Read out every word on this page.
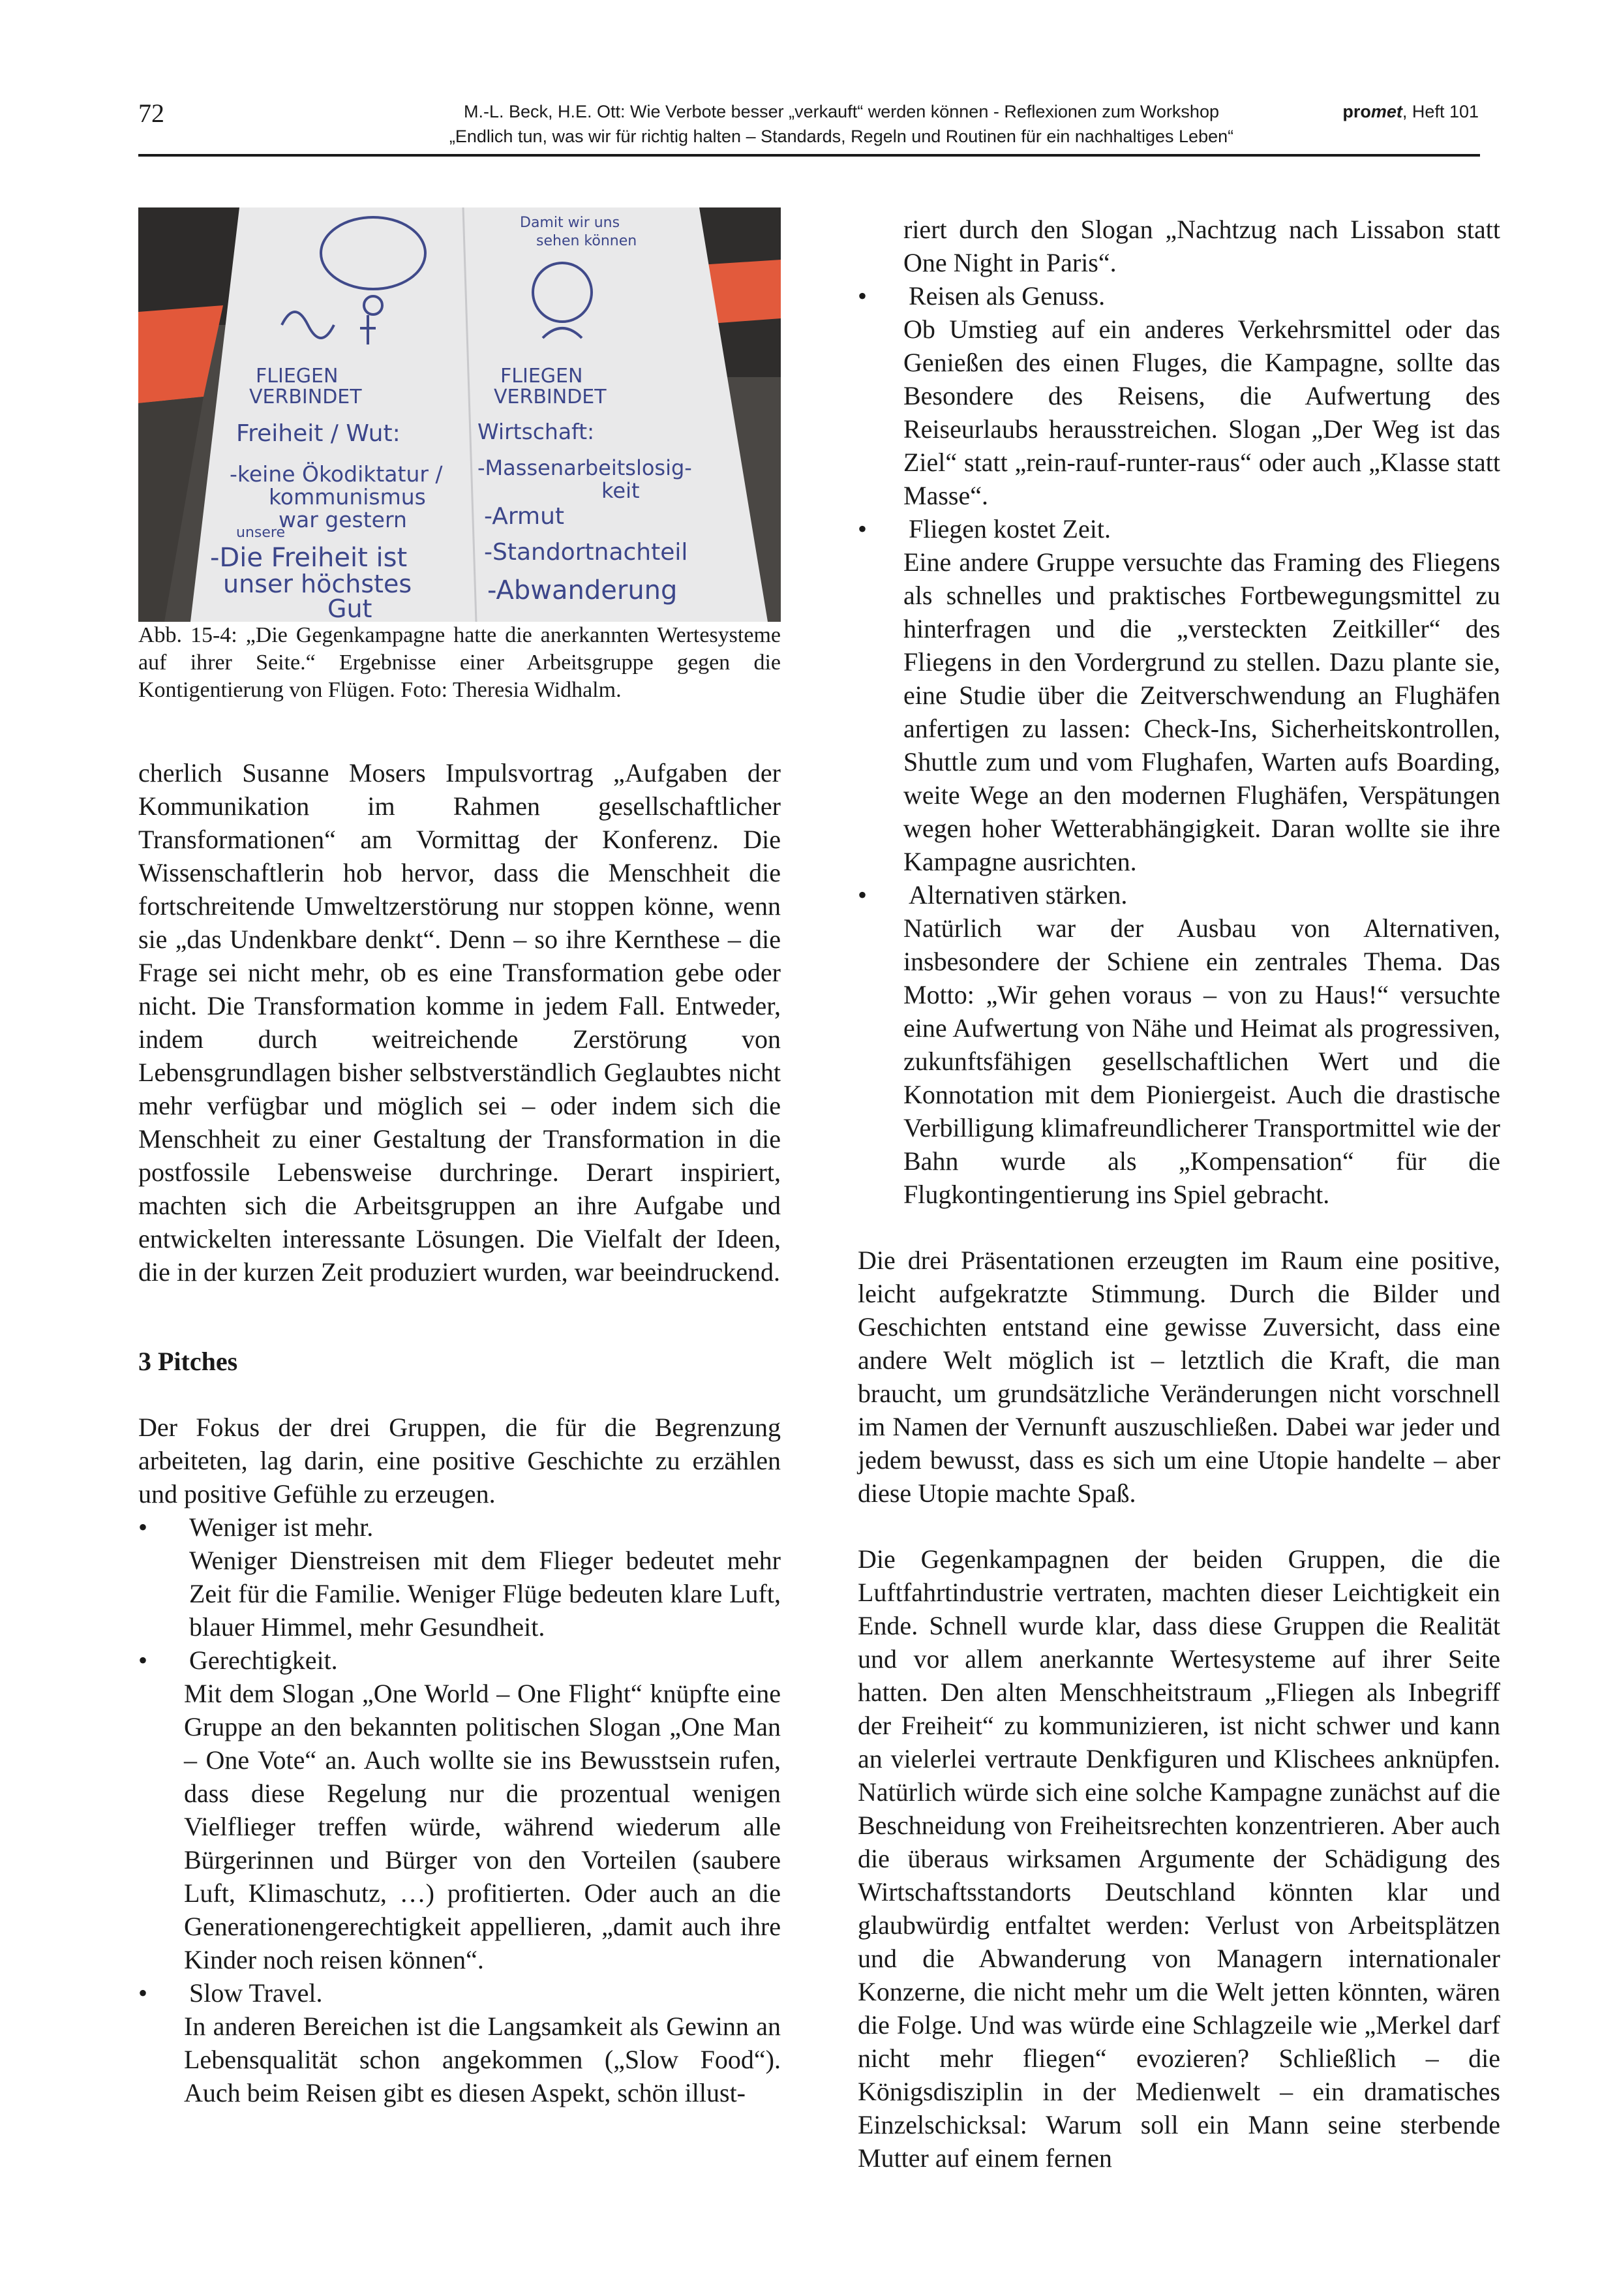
72	M.-L. Beck, H.E. Ott: Wie Verbote besser „verkauft“ werden können - Reflexionen zum Workshop
„Endlich tun, was wir für richtig halten – Standards, Regeln und Routinen für ein nachhaltiges Leben“
promet, Heft 101
FLIEGEN
VERBINDET
Freiheit / Wut:
-keine Ökodiktatur /
kommunismus
war gestern
unsere
-Die Freiheit ist
unser höchstes
Gut
Damit wir uns
sehen können
FLIEGEN
VERBINDET
Wirtschaft:
-Massenarbeitslosig-
keit
-Armut
-Standortnachteil
-Abwanderung

Abb. 15-4: „Die Gegenkampagne hatte die anerkannten Wertesysteme auf ihrer Seite.“ Ergebnisse einer Arbeitsgruppe gegen die Kontigentierung von Flügen. Foto: Theresia Widhalm.

cherlich Susanne Mosers Impulsvortrag „Aufgaben der Kommunikation im Rahmen gesellschaftlicher Transformationen“ am Vormittag der Konferenz. Die Wissenschaftlerin hob hervor, dass die Menschheit die fortschreitende Umweltzerstörung nur stoppen könne, wenn sie „das Undenkbare denkt“. Denn – so ihre Kernthese – die Frage sei nicht mehr, ob es eine Transformation gebe oder nicht. Die Transformation komme in jedem Fall. Entweder, indem durch weitreichende Zerstörung von Lebensgrundlagen bisher selbstverständlich Geglaubtes nicht mehr verfügbar und möglich sei – oder indem sich die Menschheit zu einer Gestaltung der Transformation in die postfossile Lebensweise durchringe. Derart inspiriert, machten sich die Arbeitsgruppen an ihre Aufgabe und entwickelten interessante Lösungen. Die Vielfalt der Ideen, die in der kurzen Zeit produziert wurden, war beeindruckend.

3 Pitches

Der Fokus der drei Gruppen, die für die Begrenzung arbeiteten, lag darin, eine positive Geschichte zu erzählen und positive Gefühle zu erzeugen.

•	Weniger ist mehr.

Weniger Dienstreisen mit dem Flieger bedeutet mehr Zeit für die Familie. Weniger Flüge bedeuten klare Luft, blauer Himmel, mehr Gesundheit.

•	Gerechtigkeit.

Mit dem Slogan „One World – One Flight“ knüpfte eine Gruppe an den bekannten politischen Slogan „One Man – One Vote“ an. Auch wollte sie ins Bewusstsein rufen, dass diese Regelung nur die prozentual wenigen Vielflieger treffen würde, während wiederum alle Bürgerinnen und Bürger von den Vorteilen (saubere Luft, Klimaschutz, …) profitierten. Oder auch an die Generationengerechtigkeit appellieren, „damit auch ihre Kinder noch reisen können“.

•	Slow Travel.

In anderen Bereichen ist die Langsamkeit als Gewinn an Lebensqualität schon angekommen („Slow Food“). Auch beim Reisen gibt es diesen Aspekt, schön illust-

riert durch den Slogan „Nachtzug nach Lissabon statt One Night in Paris“.

•	Reisen als Genuss.

Ob Umstieg auf ein anderes Verkehrsmittel oder das Genießen des einen Fluges, die Kampagne, sollte das Besondere des Reisens, die Aufwertung des Reiseurlaubs herausstreichen. Slogan „Der Weg ist das Ziel“ statt „rein-rauf-runter-raus“ oder auch „Klasse statt Masse“.

•	Fliegen kostet Zeit.

Eine andere Gruppe versuchte das Framing des Fliegens als schnelles und praktisches Fortbewegungsmittel zu hinterfragen und die „versteckten Zeitkiller“ des Fliegens in den Vordergrund zu stellen. Dazu plante sie, eine Studie über die Zeitverschwendung an Flughäfen anfertigen zu lassen: Check-Ins, Sicherheitskontrollen, Shuttle zum und vom Flughafen, Warten aufs Boarding, weite Wege an den modernen Flughäfen, Verspätungen wegen hoher Wetterabhängigkeit. Daran wollte sie ihre Kampagne ausrichten.

•	Alternativen stärken.

Natürlich war der Ausbau von Alternativen, insbesondere der Schiene ein zentrales Thema. Das Motto: „Wir gehen voraus – von zu Haus!“ versuchte eine Aufwertung von Nähe und Heimat als progressiven, zukunftsfähigen gesellschaftlichen Wert und die Konnotation mit dem Pioniergeist. Auch die drastische Verbilligung klimafreundlicherer Transportmittel wie der Bahn wurde als „Kompensation“ für die Flugkontingentierung ins Spiel gebracht.

Die drei Präsentationen erzeugten im Raum eine positive, leicht aufgekratzte Stimmung. Durch die Bilder und Geschichten entstand eine gewisse Zuversicht, dass eine andere Welt möglich ist – letztlich die Kraft, die man braucht, um grundsätzliche Veränderungen nicht vorschnell im Namen der Vernunft auszuschließen. Dabei war jeder und jedem bewusst, dass es sich um eine Utopie handelte – aber diese Utopie machte Spaß.

Die Gegenkampagnen der beiden Gruppen, die die Luftfahrtindustrie vertraten, machten dieser Leichtigkeit ein Ende. Schnell wurde klar, dass diese Gruppen die Realität und vor allem anerkannte Wertesysteme auf ihrer Seite hatten. Den alten Menschheitstraum „Fliegen als Inbegriff der Freiheit“ zu kommunizieren, ist nicht schwer und kann an vielerlei vertraute Denkfiguren und Klischees anknüpfen. Natürlich würde sich eine solche Kampagne zunächst auf die Beschneidung von Freiheitsrechten konzentrieren. Aber auch die überaus wirksamen Argumente der Schädigung des Wirtschaftsstandorts Deutschland könnten klar und glaubwürdig entfaltet werden: Verlust von Arbeitsplätzen und die Abwanderung von Managern internationaler Konzerne, die nicht mehr um die Welt jetten könnten, wären die Folge. Und was würde eine Schlagzeile wie „Merkel darf nicht mehr fliegen“ evozieren? Schließlich – die Königsdisziplin in der Medienwelt – ein dramatisches Einzelschicksal: Warum soll ein Mann seine sterbende Mutter auf einem fernen
